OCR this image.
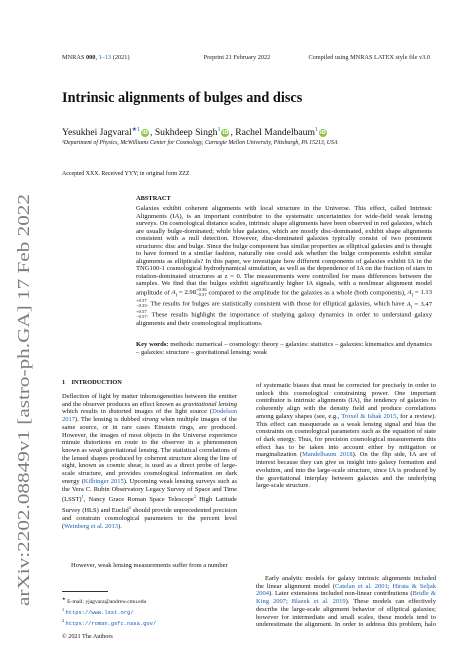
MNRAS 000, 1–13 (2021)	Preprint 21 February 2022	Compiled using MNRAS LATEX style file v3.0
Intrinsic alignments of bulges and discs
Yesukhei Jagvaral$^{★1}$iD , Sukhdeep Singh$^1$iD , Rachel Mandelbaum$^1$iD
¹Department of Physics, McWilliams Center for Cosmology, Carnegie Mellon University, Pittsburgh, PA 15213, USA
Accepted XXX. Received YYY; in original form ZZZ
arXiv:2202.08849v1 [astro-ph.GA] 17 Feb 2022
ABSTRACT
Galaxies exhibit coherent alignments with local structure in the Universe. This effect, called Intrinsic Alignments (IA), is an important contributor to the systematic uncertainties for wide-field weak lensing surveys. On cosmological distance scales, intrinsic shape alignments have been observed in red galaxies, which are usually bulge-dominated; while blue galaxies, which are mostly disc-dominated, exhibit shape alignments consistent with a null detection. However, disc-dominated galaxies typically consist of two prominent structures: disc and bulge. Since the bulge component has similar properties as elliptical galaxies and is thought to have formed in a similar fashion, naturally one could ask whether the bulge components exhibit similar alignments as ellipticals? In this paper, we investigate how different components of galaxies exhibit IA in the TNG100-1 cosmological hydrodynamical simulation, as well as the dependence of IA on the fraction of stars in rotation-dominated structures at z = 0. The measurements were controlled for mass differences between the samples. We find that the bulges exhibit significantly higher IA signals, with a nonlinear alignment model amplitude of $A_I = 2.98 +0.36$
−0.37 compared to the amplitude for the galaxies as a whole (both components), $A_I = 1.13$
+0.37
−0.35 . The results for bulges are statistically consistent with those for elliptical galaxies, which have $A_I = 3.47$
+0.57
−0.57 . These results highlight the importance of studying galaxy dynamics in order to understand galaxy alignments and their cosmological implications.
Key words: methods: numerical – cosmology: theory – galaxies: statistics – galaxies: kinematics and dynamics – galaxies: structure – gravitational lensing: weak
1 INTRODUCTION

Deflection of light by matter inhomogeneities between the emitter and the observer produces an effect known as gravitational lensing which results in distorted images of the light source (Dodelson 2017). The lensing is dubbed strong when multiple images of the same source, or in rare cases Einstein rings, are produced. However, the images of most objects in the Universe experience minute distortions en route to the observer in a phenomenon known as weak gravitational lensing. The statistical correlations of the lensed shapes produced by coherent structure along the line of sight, known as cosmic shear, is used as a direct probe of large-scale structure, and provides cosmological information on dark energy (Kilbinger 2015). Upcoming weak lensing surveys such as the Vera C. Rubin Observatory Legacy Survey of Space and Time (LSST)$^1$, Nancy Grace Roman Space Telescope$^2$ High Latitude Survey (HLS) and Euclid$^3$ should provide unprecedented precision and constrain cosmological parameters to the percent level (Weinberg et al. 2013).

However, weak lensing measurements suffer from a number

★ E-mail: yjagvara@andrew.cmu.edu
$^1$ https://www.lsst.org/
$^2$ https://roman.gsfc.nasa.gov/

of systematic biases that must be corrected for precisely in order to unlock this cosmological constraining power. One important contributor is intrinsic alignments (IA), the tendency of galaxies to coherently align with the density field and produce correlations among galaxy shapes (see, e.g., Troxel & Ishak 2015, for a review). This effect can masquerade as a weak lensing signal and bias the constraints on cosmological parameters such as the equation of state of dark energy. Thus, for precision cosmological measurements this effect has to be taken into account either by mitigation or marginalization (Mandelbaum 2018). On the flip side, IA are of interest because they can give us insight into galaxy formation and evolution, and into the large-scale structure, since IA is produced by the gravitational interplay between galaxies and the underlying large-scale structure.

Early analytic models for galaxy intrinsic alignments included the linear alignment model (Catelan et al. 2001; Hirata & Seljak 2004). Later extensions included non-linear contributions (Bridle & King 2007; Blazek et al. 2019). These models can effectively describe the large-scale alignment behavior of elliptical galaxies; however for intermediate and small scales, these models tend to underestimate the alignment. In order to address this problem, halo

© 2021 The Authors
